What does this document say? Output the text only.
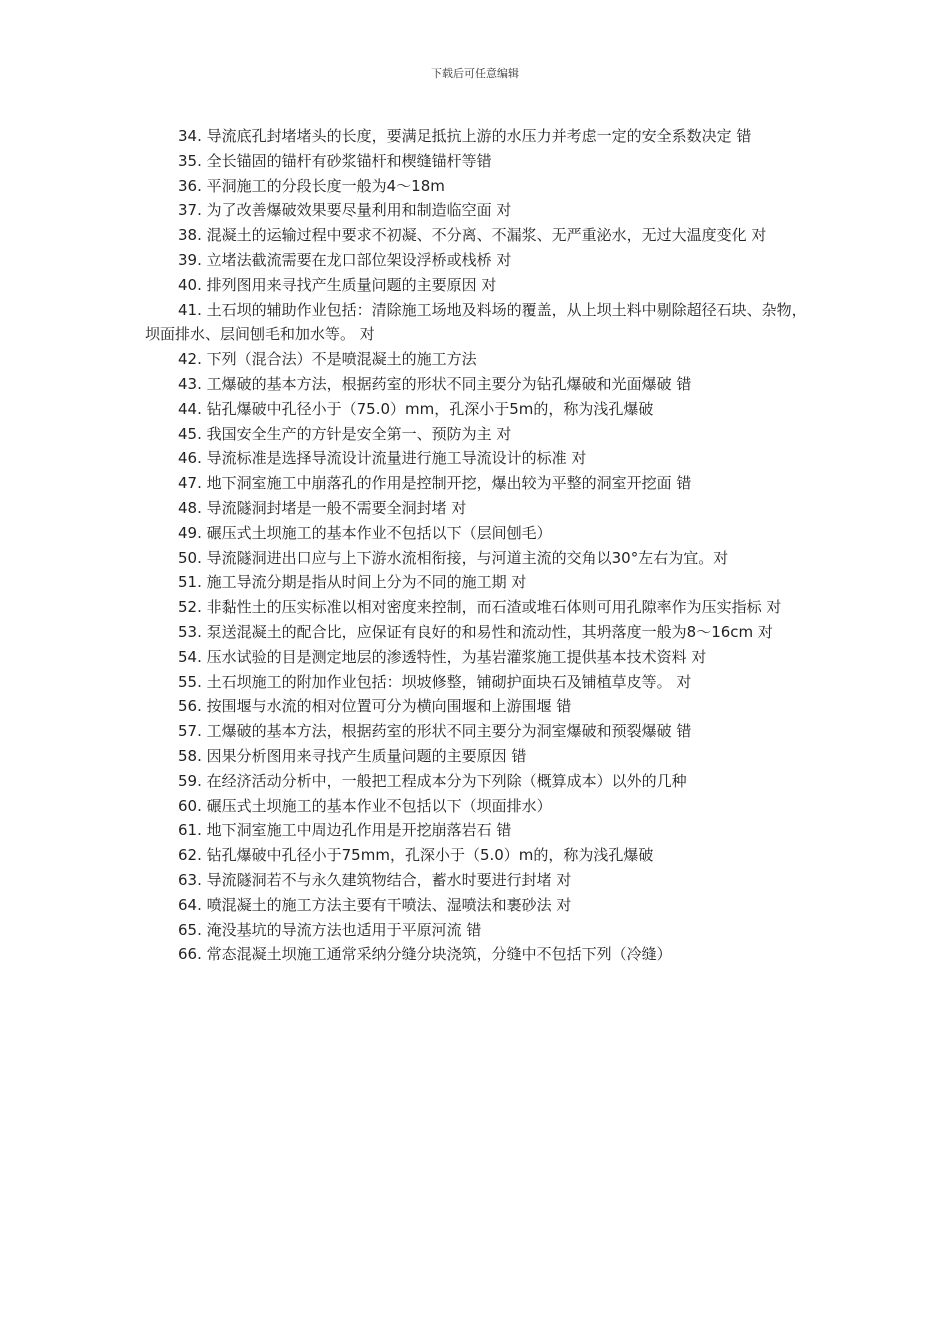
下载后可任意编辑

34. 导流底孔封堵堵头的长度，要满足抵抗上游的水压力并考虑一定的安全系数决定 错

35. 全长锚固的锚杆有砂浆锚杆和楔缝锚杆等错

36. 平洞施工的分段长度一般为4～18m

37. 为了改善爆破效果要尽量利用和制造临空面 对

38. 混凝土的运输过程中要求不初凝、不分离、不漏浆、无严重泌水，无过大温度变化 对

39. 立堵法截流需要在龙口部位架设浮桥或栈桥 对

40. 排列图用来寻找产生质量问题的主要原因 对

41. 土石坝的辅助作业包括：清除施工场地及料场的覆盖，从上坝土料中剔除超径石块、杂物，坝面排水、层间刨毛和加水等。 对

42. 下列（混合法）不是喷混凝土的施工方法

43. 工爆破的基本方法，根据药室的形状不同主要分为钻孔爆破和光面爆破 错

44. 钻孔爆破中孔径小于（75.0）mm，孔深小于5m的，称为浅孔爆破

45. 我国安全生产的方针是安全第一、预防为主 对

46. 导流标准是选择导流设计流量进行施工导流设计的标准 对

47. 地下洞室施工中崩落孔的作用是控制开挖，爆出较为平整的洞室开挖面 错

48. 导流隧洞封堵是一般不需要全洞封堵 对

49. 碾压式土坝施工的基本作业不包括以下（层间刨毛）

50. 导流隧洞进出口应与上下游水流相衔接，与河道主流的交角以30°左右为宜。对

51. 施工导流分期是指从时间上分为不同的施工期 对

52. 非黏性土的压实标准以相对密度来控制，而石渣或堆石体则可用孔隙率作为压实指标 对

53. 泵送混凝土的配合比，应保证有良好的和易性和流动性，其坍落度一般为8～16cm 对

54. 压水试验的目是测定地层的渗透特性，为基岩灌浆施工提供基本技术资料 对

55. 土石坝施工的附加作业包括：坝坡修整，铺砌护面块石及铺植草皮等。 对

56. 按围堰与水流的相对位置可分为横向围堰和上游围堰 错

57. 工爆破的基本方法，根据药室的形状不同主要分为洞室爆破和预裂爆破 错

58. 因果分析图用来寻找产生质量问题的主要原因 错

59. 在经济活动分析中，一般把工程成本分为下列除（概算成本）以外的几种

60. 碾压式土坝施工的基本作业不包括以下（坝面排水）

61. 地下洞室施工中周边孔作用是开挖崩落岩石 错

62. 钻孔爆破中孔径小于75mm，孔深小于（5.0）m的，称为浅孔爆破

63. 导流隧洞若不与永久建筑物结合，蓄水时要进行封堵 对

64. 喷混凝土的施工方法主要有干喷法、湿喷法和裹砂法 对

65. 淹没基坑的导流方法也适用于平原河流 错

66. 常态混凝土坝施工通常采纳分缝分块浇筑，分缝中不包括下列（冷缝）
